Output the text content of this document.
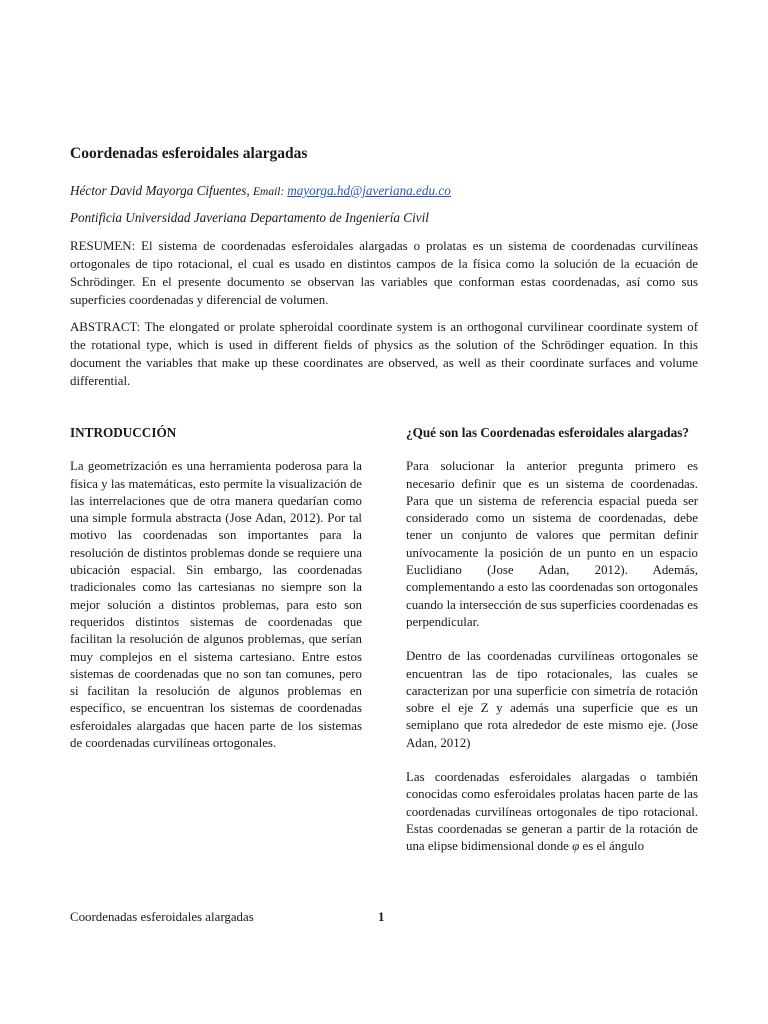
Coordenadas esferoidales alargadas

Héctor David Mayorga Cifuentes, Email: mayorga.hd@javeriana.edu.co

Pontificia Universidad Javeriana Departamento de Ingeniería Civil

RESUMEN: El sistema de coordenadas esferoidales alargadas o prolatas es un sistema de coordenadas curvilíneas ortogonales de tipo rotacional, el cual es usado en distintos campos de la física como la solución de la ecuación de Schrödinger. En el presente documento se observan las variables que conforman estas coordenadas, así como sus superficies coordenadas y diferencial de volumen.

ABSTRACT: The elongated or prolate spheroidal coordinate system is an orthogonal curvilinear coordinate system of the rotational type, which is used in different fields of physics as the solution of the Schrödinger equation. In this document the variables that make up these coordinates are observed, as well as their coordinate surfaces and volume differential.

INTRODUCCIÓN

La geometrización es una herramienta poderosa para la física y las matemáticas, esto permite la visualización de las interrelaciones que de otra manera quedarían como una simple formula abstracta (Jose Adan, 2012). Por tal motivo las coordenadas son importantes para la resolución de distintos problemas donde se requiere una ubicación espacial. Sin embargo, las coordenadas tradicionales como las cartesianas no siempre son la mejor solución a distintos problemas, para esto son requeridos distintos sistemas de coordenadas que facilitan la resolución de algunos problemas, que serían muy complejos en el sistema cartesiano. Entre estos sistemas de coordenadas que no son tan comunes, pero si facilitan la resolución de algunos problemas en específico, se encuentran los sistemas de coordenadas esferoidales alargadas que hacen parte de los sistemas de coordenadas curvilíneas ortogonales.

¿Qué son las Coordenadas esferoidales alargadas?

Para solucionar la anterior pregunta primero es necesario definir que es un sistema de coordenadas. Para que un sistema de referencia espacial pueda ser considerado como un sistema de coordenadas, debe tener un conjunto de valores que permitan definir unívocamente la posición de un punto en un espacio Euclidiano (Jose Adan, 2012). Además, complementando a esto las coordenadas son ortogonales cuando la intersección de sus superficies coordenadas es perpendicular.

Dentro de las coordenadas curvilíneas ortogonales se encuentran las de tipo rotacionales, las cuales se caracterizan por una superficie con simetría de rotación sobre el eje Z y además una superficie que es un semiplano que rota alrededor de este mismo eje. (Jose Adan, 2012)

Las coordenadas esferoidales alargadas o también conocidas como esferoidales prolatas hacen parte de las coordenadas curvilíneas ortogonales de tipo rotacional. Estas coordenadas se generan a partir de la rotación de una elipse bidimensional donde φ es el ángulo

Coordenadas esferoidales alargadas	1
